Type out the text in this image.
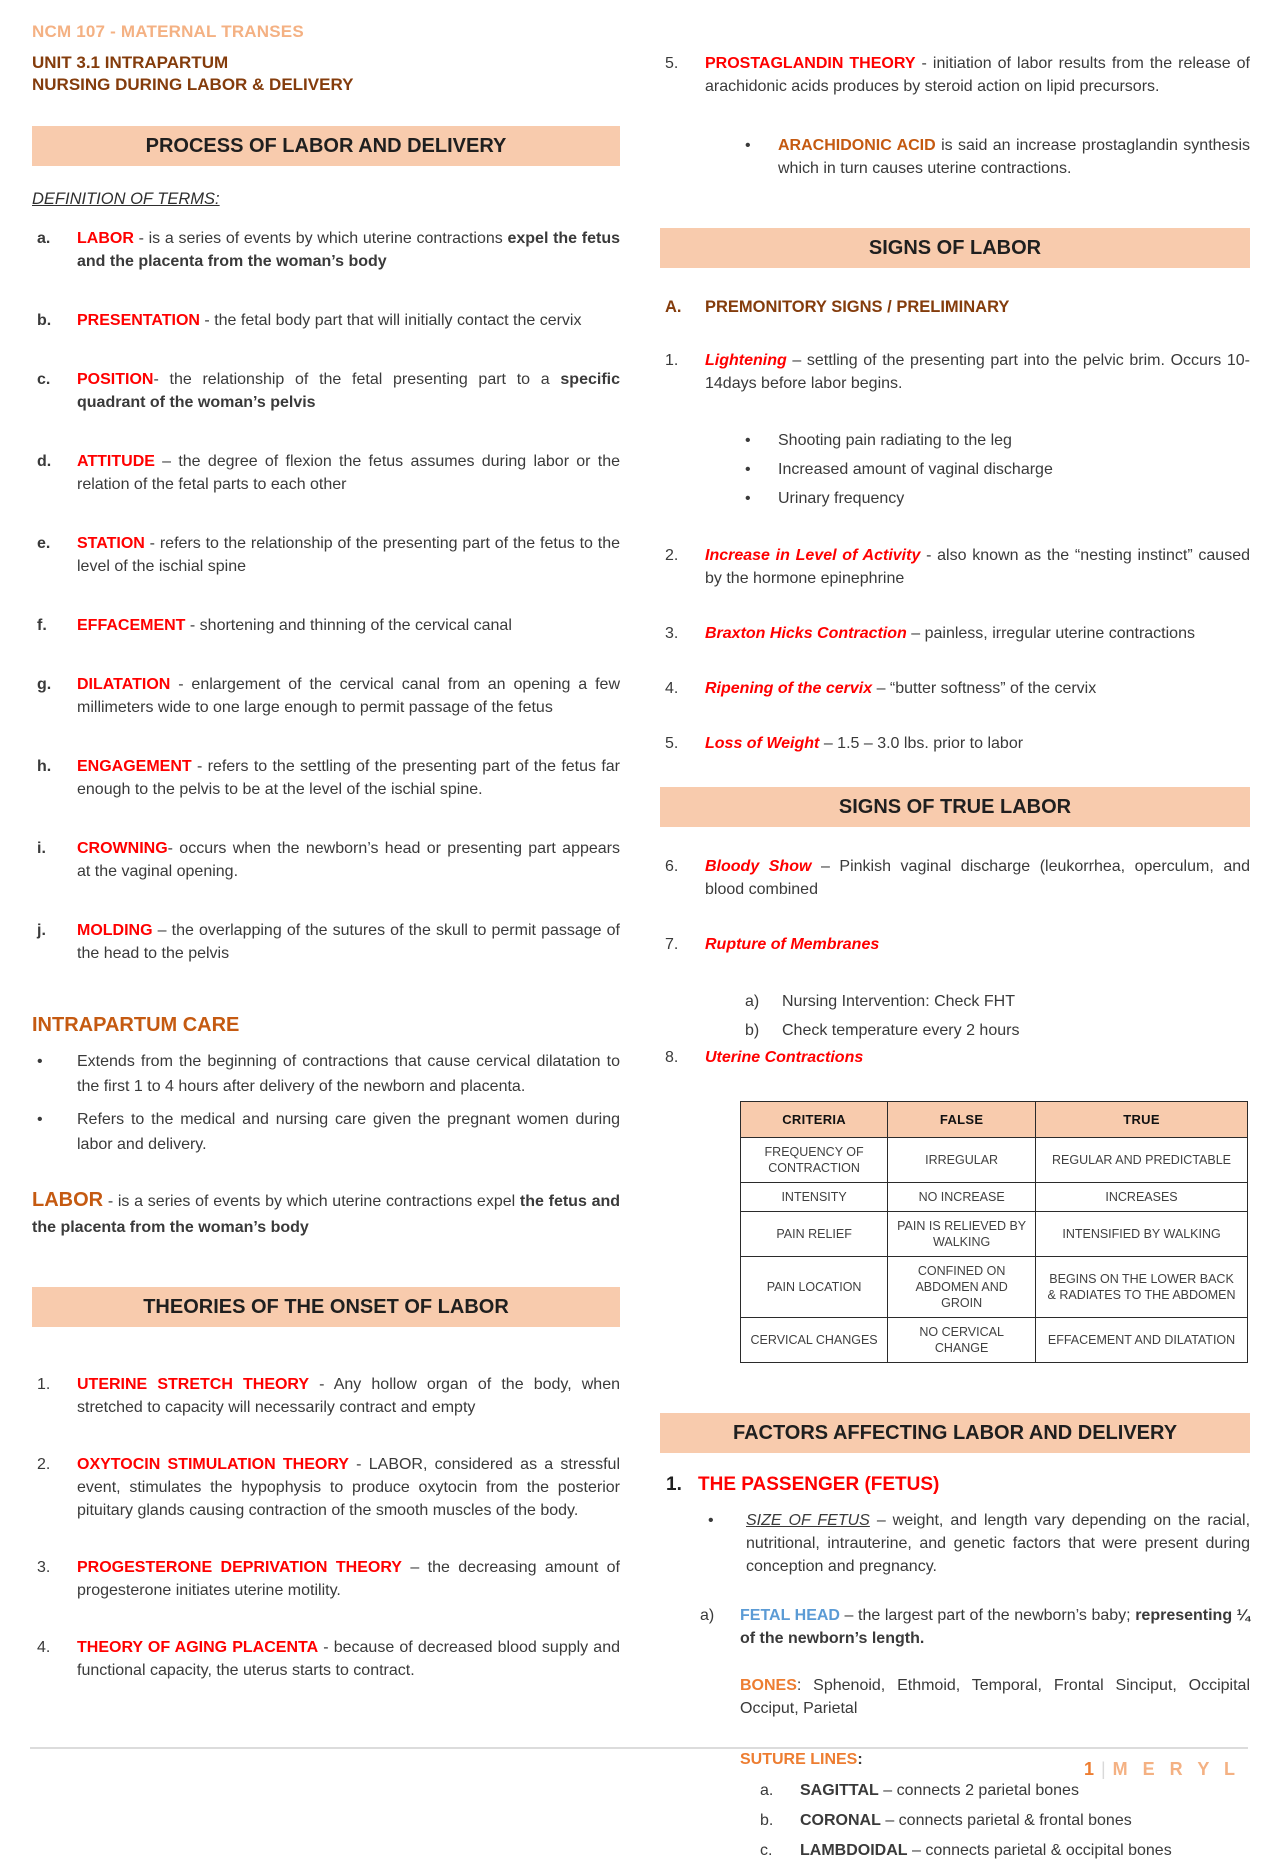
NCM 107 - MATERNAL TRANSES
UNIT 3.1 INTRAPARTUM
NURSING DURING LABOR & DELIVERY
PROCESS OF LABOR AND DELIVERY
DEFINITION OF TERMS:
a.	LABOR - is a series of events by which uterine contractions expel the fetus and the placenta from the woman’s body
b.	PRESENTATION - the fetal body part that will initially contact the cervix
c.	POSITION- the relationship of the fetal presenting part to a specific quadrant of the woman’s pelvis
d.	ATTITUDE – the degree of flexion the fetus assumes during labor or the relation of the fetal parts to each other
e.	STATION - refers to the relationship of the presenting part of the fetus to the level of the ischial spine
f.	EFFACEMENT - shortening and thinning of the cervical canal
g.	DILATATION - enlargement of the cervical canal from an opening a few millimeters wide to one large enough to permit passage of the fetus
h.	ENGAGEMENT - refers to the settling of the presenting part of the fetus far enough to the pelvis to be at the level of the ischial spine.
i.	CROWNING- occurs when the newborn’s head or presenting part appears at the vaginal opening.
j.	MOLDING – the overlapping of the sutures of the skull to permit passage of the head to the pelvis
INTRAPARTUM CARE
•	Extends from the beginning of contractions that cause cervical dilatation to the first 1 to 4 hours after delivery of the newborn and placenta.
•	Refers to the medical and nursing care given the pregnant women during labor and delivery.

LABOR - is a series of events by which uterine contractions expel the fetus and the placenta from the woman’s body

THEORIES OF THE ONSET OF LABOR
1.	UTERINE STRETCH THEORY - Any hollow organ of the body, when stretched to capacity will necessarily contract and empty
2.	OXYTOCIN STIMULATION THEORY - LABOR, considered as a stressful event, stimulates the hypophysis to produce oxytocin from the posterior pituitary glands causing contraction of the smooth muscles of the body.
3.	PROGESTERONE DEPRIVATION THEORY – the decreasing amount of progesterone initiates uterine motility.
4.	THEORY OF AGING PLACENTA - because of decreased blood supply and functional capacity, the uterus starts to contract.
5.	PROSTAGLANDIN THEORY - initiation of labor results from the release of arachidonic acids produces by steroid action on lipid precursors.
•	ARACHIDONIC ACID is said an increase prostaglandin synthesis which in turn causes uterine contractions.
SIGNS OF LABOR
A.	PREMONITORY SIGNS / PRELIMINARY
1.	Lightening – settling of the presenting part into the pelvic brim. Occurs 10-14days before labor begins.
•	Shooting pain radiating to the leg
•	Increased amount of vaginal discharge
•	Urinary frequency
2.	Increase in Level of Activity - also known as the “nesting instinct” caused by the hormone epinephrine
3.	Braxton Hicks Contraction – painless, irregular uterine contractions
4.	Ripening of the cervix – “butter softness” of the cervix
5.	Loss of Weight – 1.5 – 3.0 lbs. prior to labor
SIGNS OF TRUE LABOR
6.	Bloody Show – Pinkish vaginal discharge (leukorrhea, operculum, and blood combined
7.	Rupture of Membranes
a)	Nursing Intervention: Check FHT
b)	Check temperature every 2 hours
8.	Uterine Contractions
CRITERIA	FALSE	TRUE
FREQUENCY OF CONTRACTION	IRREGULAR	REGULAR AND PREDICTABLE
INTENSITY	NO INCREASE	INCREASES
PAIN RELIEF	PAIN IS RELIEVED BY WALKING	INTENSIFIED BY WALKING
PAIN LOCATION	CONFINED ON ABDOMEN AND GROIN	BEGINS ON THE LOWER BACK & RADIATES TO THE ABDOMEN
CERVICAL CHANGES	NO CERVICAL CHANGE	EFFACEMENT AND DILATATION
FACTORS AFFECTING LABOR AND DELIVERY
1. THE PASSENGER (FETUS)
•	SIZE OF FETUS – weight, and length vary depending on the racial, nutritional, intrauterine, and genetic factors that were present during conception and pregnancy.
a)	FETAL HEAD – the largest part of the newborn’s baby; representing ¼ of the newborn’s length.
BONES: Sphenoid, Ethmoid, Temporal, Frontal Sinciput, Occipital Occiput, Parietal
SUTURE LINES:
a.	SAGITTAL – connects 2 parietal bones
b.	CORONAL – connects parietal & frontal bones
c.	LAMBDOIDAL – connects parietal & occipital bones
1 | M E R Y L
